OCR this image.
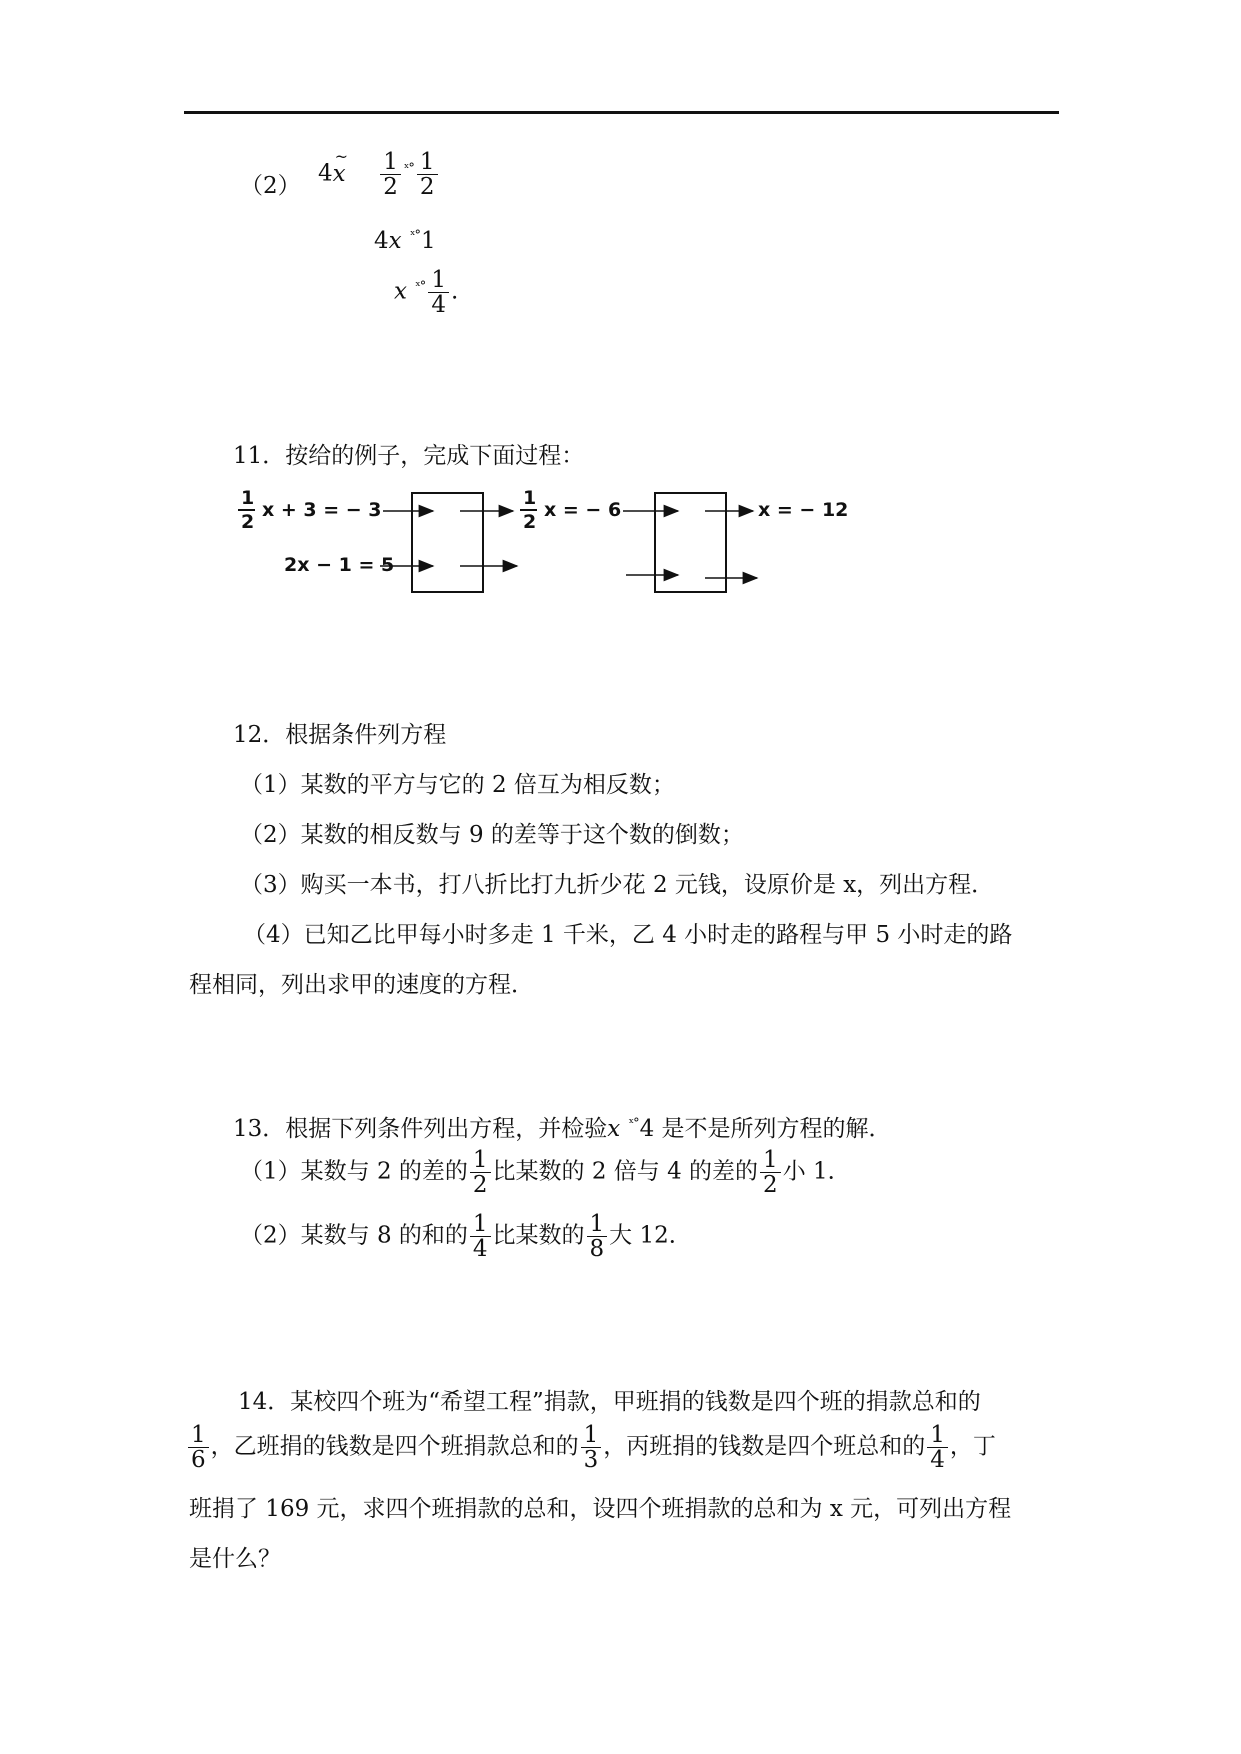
（2） 4~ x $\frac{1}{2} ^{ˣ^\circ} \frac{1}{2}$
4x $^{ˣ^\circ}$1
x $^{ˣ^\circ} \frac{1}{4}$ .
11．按给的例子，完成下面过程：
1
2
x + 3 = − 3
1
2
x = − 6	x = − 12
2x − 1 = 5
12．根据条件列方程
（1）某数的平方与它的 2 倍互为相反数；
（2）某数的相反数与 9 的差等于这个数的倒数；
（3）购买一本书，打八折比打九折少花 2 元钱，设原价是 x，列出方程．
（4）已知乙比甲每小时多走 1 千米，乙 4 小时走的路程与甲 5 小时走的路
程相同，列出求甲的速度的方程．
13．根据下列条件列出方程，并检验x $^{ˣ^\circ}$4 是不是所列方程的解．
（1）某数与 2 的差的 $\frac{1}{2}$ 比某数的 2 倍与 4 的差的 $\frac{1}{2}$ 小 1．
（2）某数与 8 的和的 $\frac{1}{4}$ 比某数的 $\frac{1}{8}$ 大 12．
14．某校四个班为“希望工程”捐款，甲班捐的钱数是四个班的捐款总和的
$\frac{1}{6}$ ，乙班捐的钱数是四个班捐款总和的 $\frac{1}{3}$ ，丙班捐的钱数是四个班总和的 $\frac{1}{4}$ ，丁
班捐了 169 元，求四个班捐款的总和，设四个班捐款的总和为 x 元，可列出方程
是什么？
